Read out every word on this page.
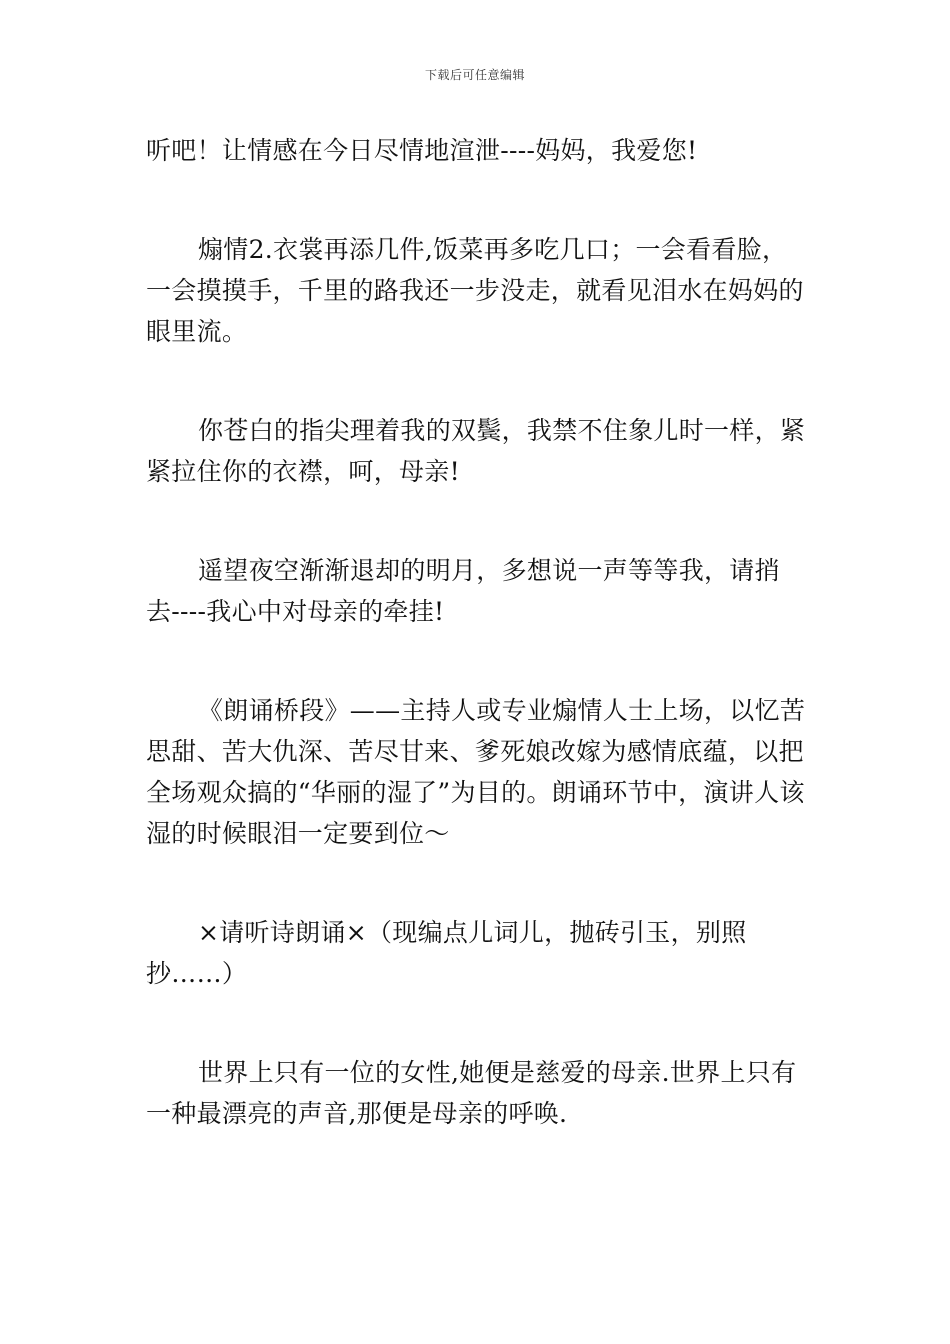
下载后可任意编辑

听吧！让情感在今日尽情地渲泄----妈妈，我爱您!

煽情2.衣裳再添几件,饭菜再多吃几口；一会看看脸，一会摸摸手，千里的路我还一步没走，就看见泪水在妈妈的眼里流。

你苍白的指尖理着我的双鬓，我禁不住象儿时一样，紧紧拉住你的衣襟，呵，母亲!

遥望夜空渐渐退却的明月，多想说一声等等我，请捎去----我心中对母亲的牵挂!

《朗诵桥段》——主持人或专业煽情人士上场，以忆苦思甜、苦大仇深、苦尽甘来、爹死娘改嫁为感情底蕴，以把全场观众搞的“华丽的湿了”为目的。朗诵环节中，演讲人该湿的时候眼泪一定要到位～

×请听诗朗诵×（现编点儿词儿，抛砖引玉，别照抄……）

世界上只有一位的女性,她便是慈爱的母亲.世界上只有一种最漂亮的声音,那便是母亲的呼唤.
